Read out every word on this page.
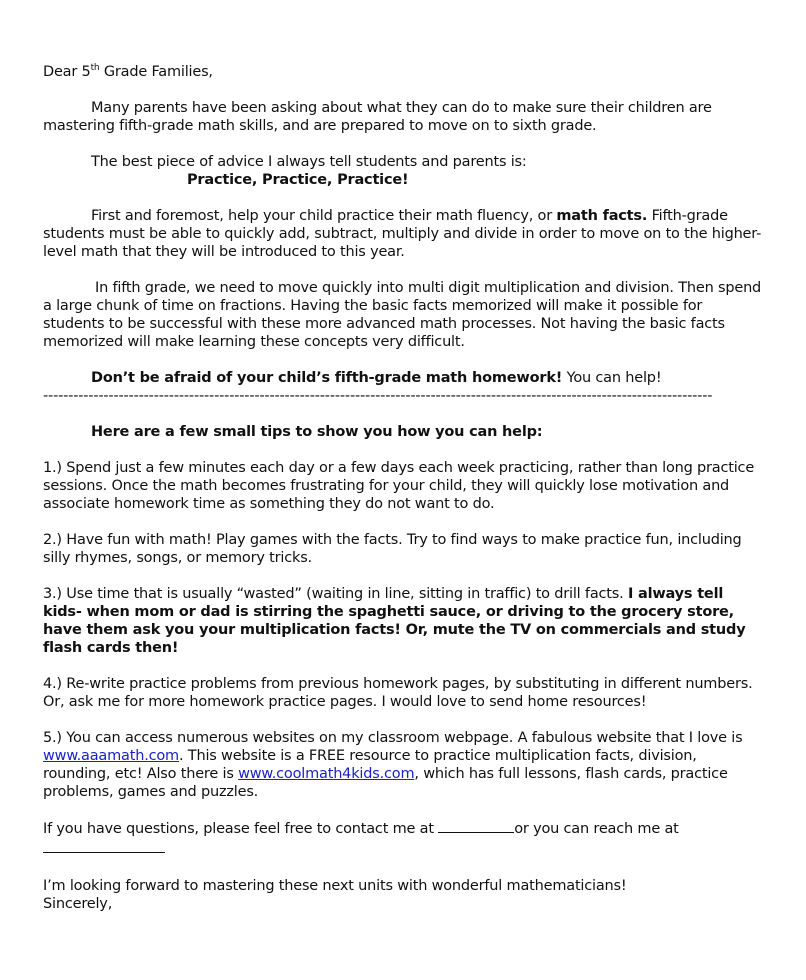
Dear 5th Grade Families,

Many parents have been asking about what they can do to make sure their children are mastering fifth-grade math skills, and are prepared to move on to sixth grade.

The best piece of advice I always tell students and parents is:

Practice, Practice, Practice!

First and foremost, help your child practice their math fluency, or math facts. Fifth-grade students must be able to quickly add, subtract, multiply and divide in order to move on to the higher-level math that they will be introduced to this year.

In fifth grade, we need to move quickly into multi digit multiplication and division. Then spend a large chunk of time on fractions. Having the basic facts memorized will make it possible for students to be successful with these more advanced math processes. Not having the basic facts memorized will make learning these concepts very difficult.

Don’t be afraid of your child’s fifth-grade math homework! You can help!

-------------------------------------------------------------------------------------------------------------------------------------

Here are a few small tips to show you how you can help:

1.) Spend just a few minutes each day or a few days each week practicing, rather than long practice sessions. Once the math becomes frustrating for your child, they will quickly lose motivation and associate homework time as something they do not want to do.

2.) Have fun with math! Play games with the facts. Try to find ways to make practice fun, including silly rhymes, songs, or memory tricks.

3.) Use time that is usually “wasted” (waiting in line, sitting in traffic) to drill facts. I always tell kids- when mom or dad is stirring the spaghetti sauce, or driving to the grocery store, have them ask you your multiplication facts! Or, mute the TV on commercials and study flash cards then!

4.) Re-write practice problems from previous homework pages, by substituting in different numbers. Or, ask me for more homework practice pages. I would love to send home resources!

5.) You can access numerous websites on my classroom webpage. A fabulous website that I love is www.aaamath.com. This website is a FREE resource to practice multiplication facts, division, rounding, etc! Also there is www.coolmath4kids.com, which has full lessons, flash cards, practice problems, games and puzzles.

If you have questions, please feel free to contact me at	or you can reach me at

I’m looking forward to mastering these next units with wonderful mathematicians!

Sincerely,
